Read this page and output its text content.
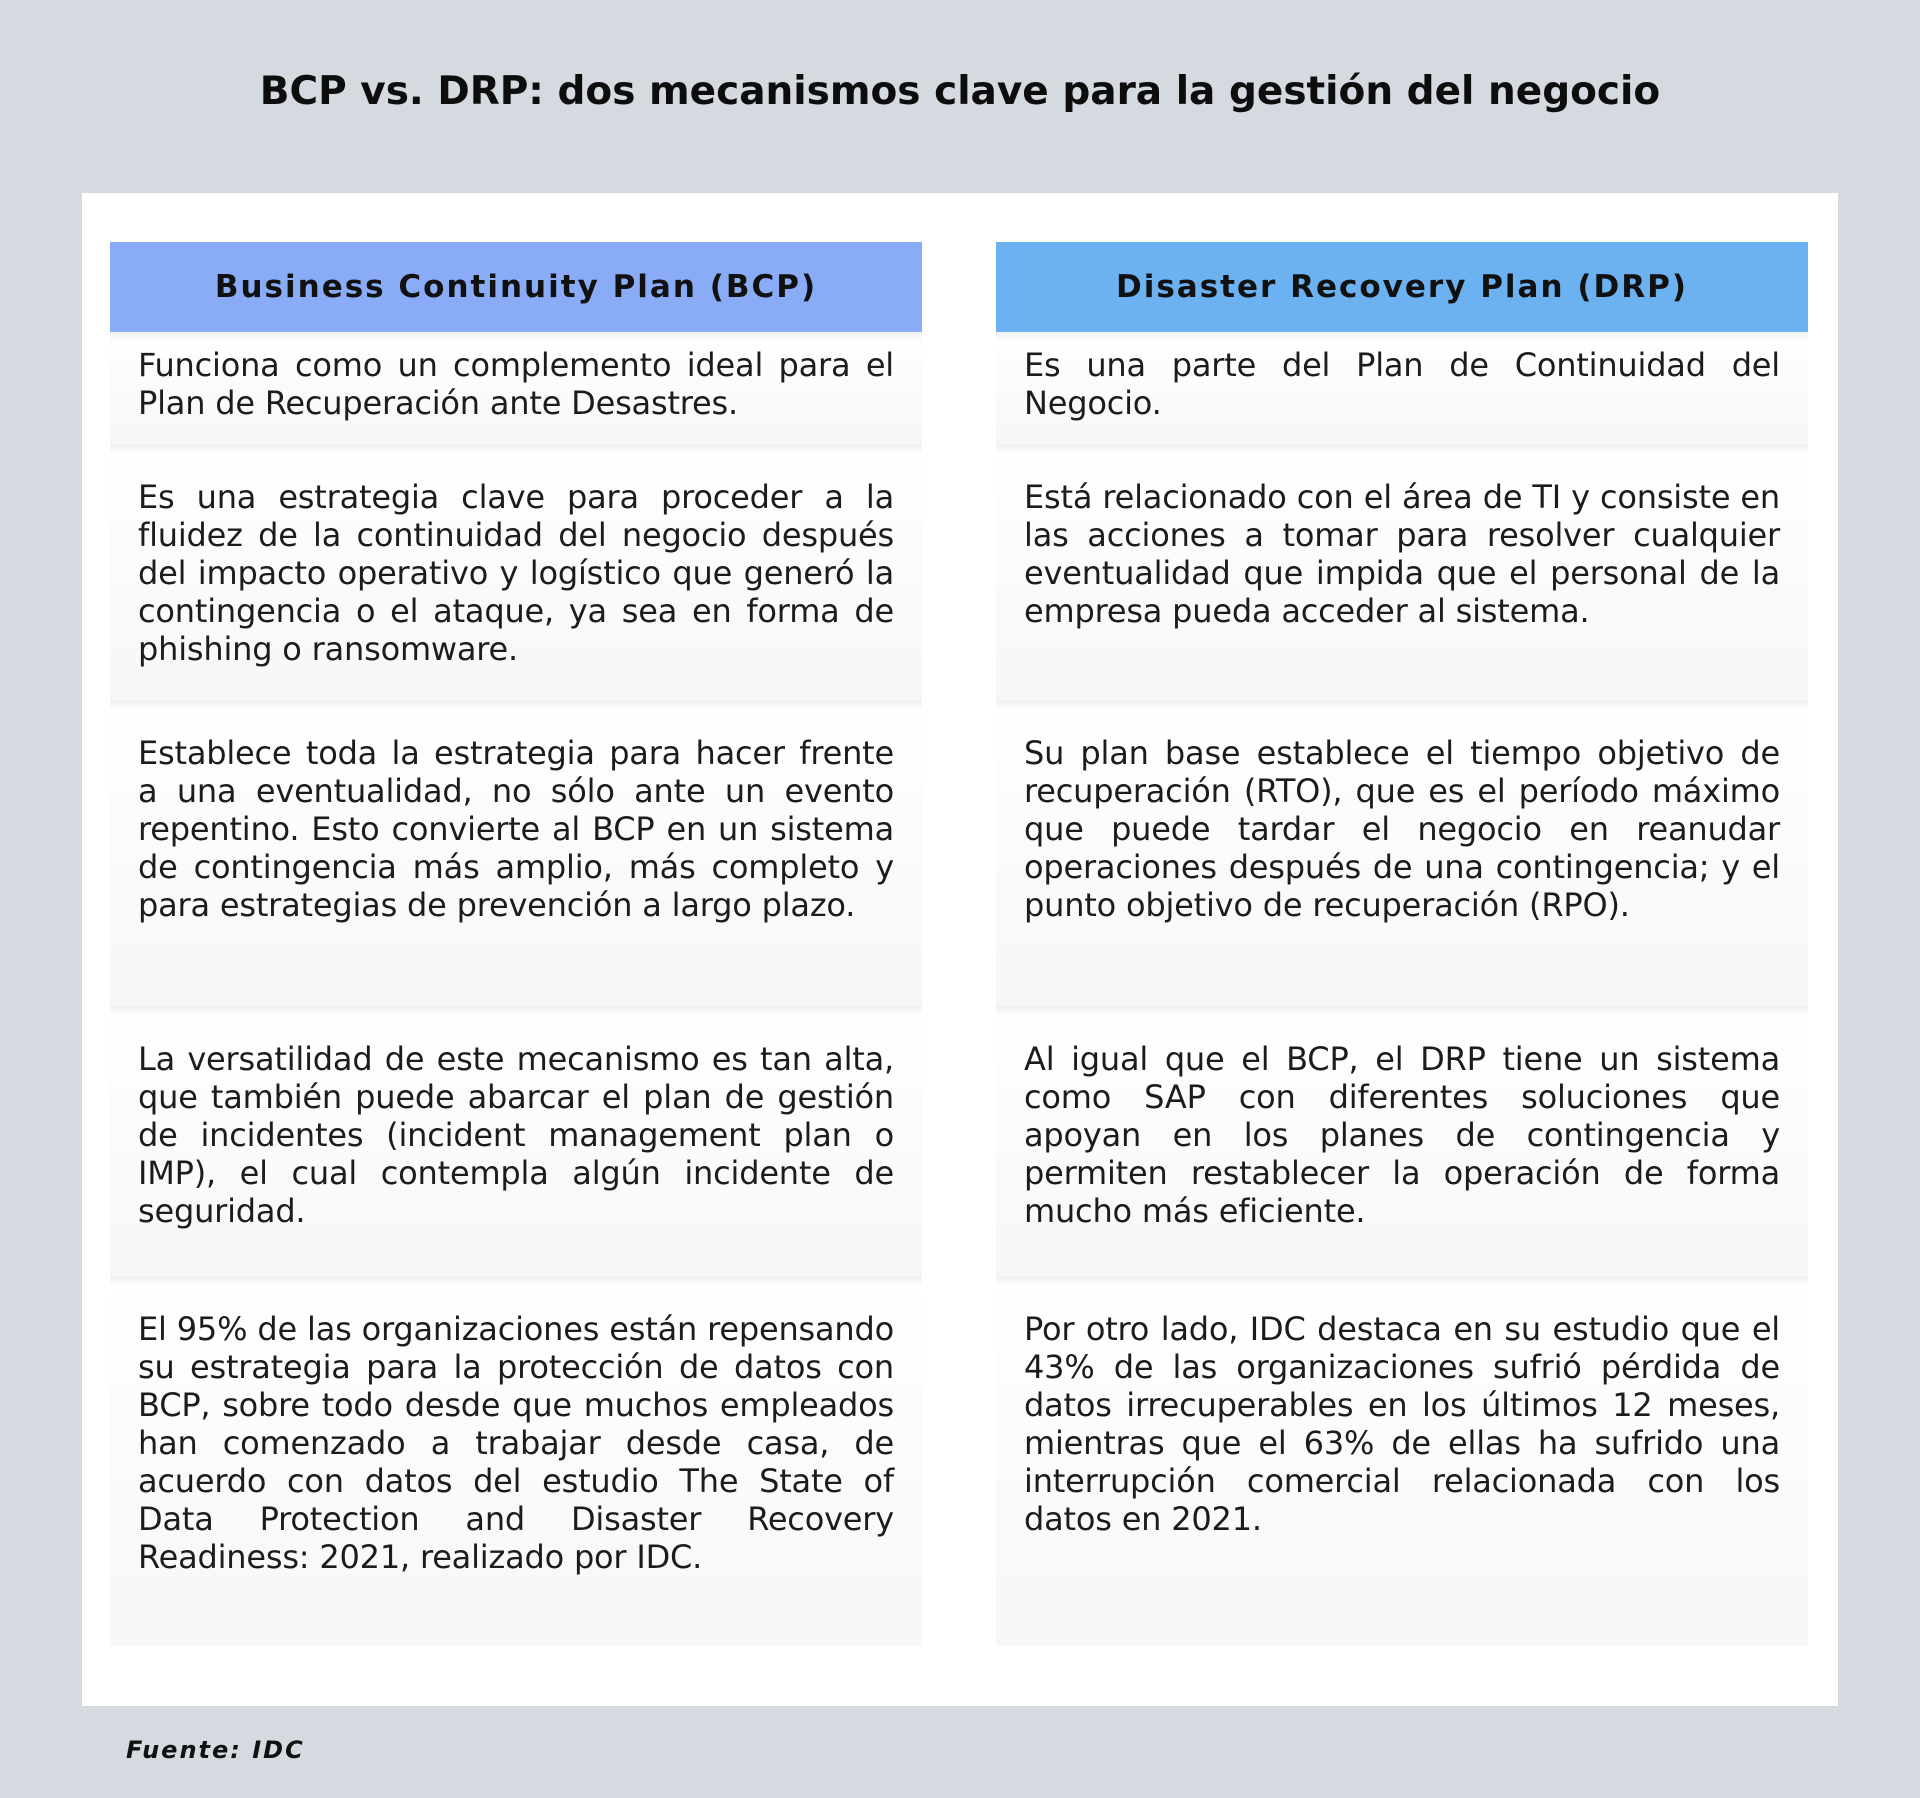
BCP vs. DRP: dos mecanismos clave para la gestión del negocio
Business Continuity Plan (BCP)

Funciona como un complemento ideal para el Plan de Recuperación ante Desastres.

Es una estrategia clave para proceder a la fluidez de la continuidad del negocio después del impacto operativo y logístico que generó la contingencia o el ataque, ya sea en forma de phishing o ransomware.

Establece toda la estrategia para hacer frente a una eventualidad, no sólo ante un evento repentino. Esto convierte al BCP en un sistema de contingencia más amplio, más completo y para estrategias de prevención a largo plazo.

La versatilidad de este mecanismo es tan alta, que también puede abarcar el plan de gestión de incidentes (incident management plan o IMP), el cual contempla algún incidente de seguridad.

El 95% de las organizaciones están repensando su estrategia para la protección de datos con BCP, sobre todo desde que muchos empleados han comenzado a trabajar desde casa, de acuerdo con datos del estudio The State of Data Protection and Disaster Recovery Readiness: 2021, realizado por IDC.

Disaster Recovery Plan (DRP)

Es una parte del Plan de Continuidad del Negocio.

Está relacionado con el área de TI y consiste en las acciones a tomar para resolver cualquier eventualidad que impida que el personal de la empresa pueda acceder al sistema.

Su plan base establece el tiempo objetivo de recuperación (RTO), que es el período máximo que puede tardar el negocio en reanudar operaciones después de una contingencia; y el punto objetivo de recuperación (RPO).

Al igual que el BCP, el DRP tiene un sistema como SAP con diferentes soluciones que apoyan en los planes de contingencia y permiten restablecer la operación de forma mucho más eficiente.

Por otro lado, IDC destaca en su estudio que el 43% de las organizaciones sufrió pérdida de datos irrecuperables en los últimos 12 meses, mientras que el 63% de ellas ha sufrido una interrupción comercial relacionada con los datos en 2021.

Fuente: IDC
